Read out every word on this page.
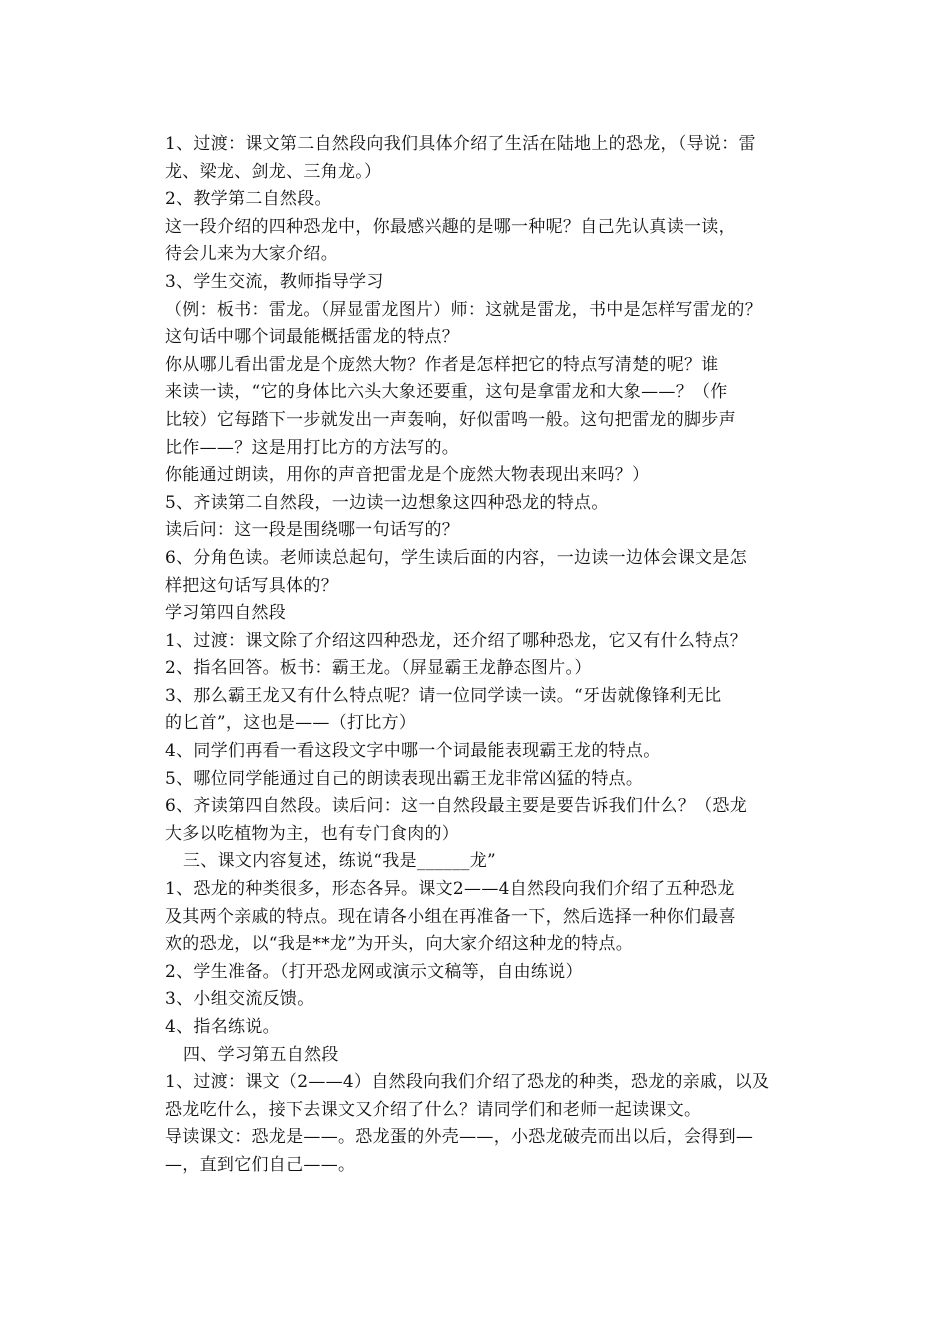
1、过渡：课文第二自然段向我们具体介绍了生活在陆地上的恐龙，（导说：雷

龙、梁龙、剑龙、三角龙。）

2、教学第二自然段。

这一段介绍的四种恐龙中，你最感兴趣的是哪一种呢？自己先认真读一读，

待会儿来为大家介绍。

3、学生交流，教师指导学习

（例：板书：雷龙。（屏显雷龙图片）师：这就是雷龙，书中是怎样写雷龙的？

这句话中哪个词最能概括雷龙的特点？

你从哪儿看出雷龙是个庞然大物？作者是怎样把它的特点写清楚的呢？谁

来读一读，“它的身体比六头大象还要重，这句是拿雷龙和大象——？（作

比较）它每踏下一步就发出一声轰响，好似雷鸣一般。这句把雷龙的脚步声

比作——？这是用打比方的方法写的。

你能通过朗读，用你的声音把雷龙是个庞然大物表现出来吗？）

5、齐读第二自然段，一边读一边想象这四种恐龙的特点。

读后问：这一段是围绕哪一句话写的？

6、分角色读。老师读总起句，学生读后面的内容，一边读一边体会课文是怎

样把这句话写具体的？

学习第四自然段

1、过渡：课文除了介绍这四种恐龙，还介绍了哪种恐龙，它又有什么特点？

2、指名回答。板书：霸王龙。（屏显霸王龙静态图片。）

3、那么霸王龙又有什么特点呢？请一位同学读一读。“牙齿就像锋利无比

的匕首”，这也是——（打比方）

4、同学们再看一看这段文字中哪一个词最能表现霸王龙的特点。

5、哪位同学能通过自己的朗读表现出霸王龙非常凶猛的特点。

6、齐读第四自然段。读后问：这一自然段最主要是要告诉我们什么？（恐龙

大多以吃植物为主，也有专门食肉的）

三、课文内容复述，练说“我是______龙”

1、恐龙的种类很多，形态各异。课文2——4自然段向我们介绍了五种恐龙

及其两个亲戚的特点。现在请各小组在再准备一下，然后选择一种你们最喜

欢的恐龙，以“我是**龙”为开头，向大家介绍这种龙的特点。

2、学生准备。（打开恐龙网或演示文稿等，自由练说）

3、小组交流反馈。

4、指名练说。

四、学习第五自然段

1、过渡：课文（2——4）自然段向我们介绍了恐龙的种类，恐龙的亲戚，以及

恐龙吃什么，接下去课文又介绍了什么？请同学们和老师一起读课文。

导读课文：恐龙是——。恐龙蛋的外壳——，小恐龙破壳而出以后，会得到—

—，直到它们自己——。
